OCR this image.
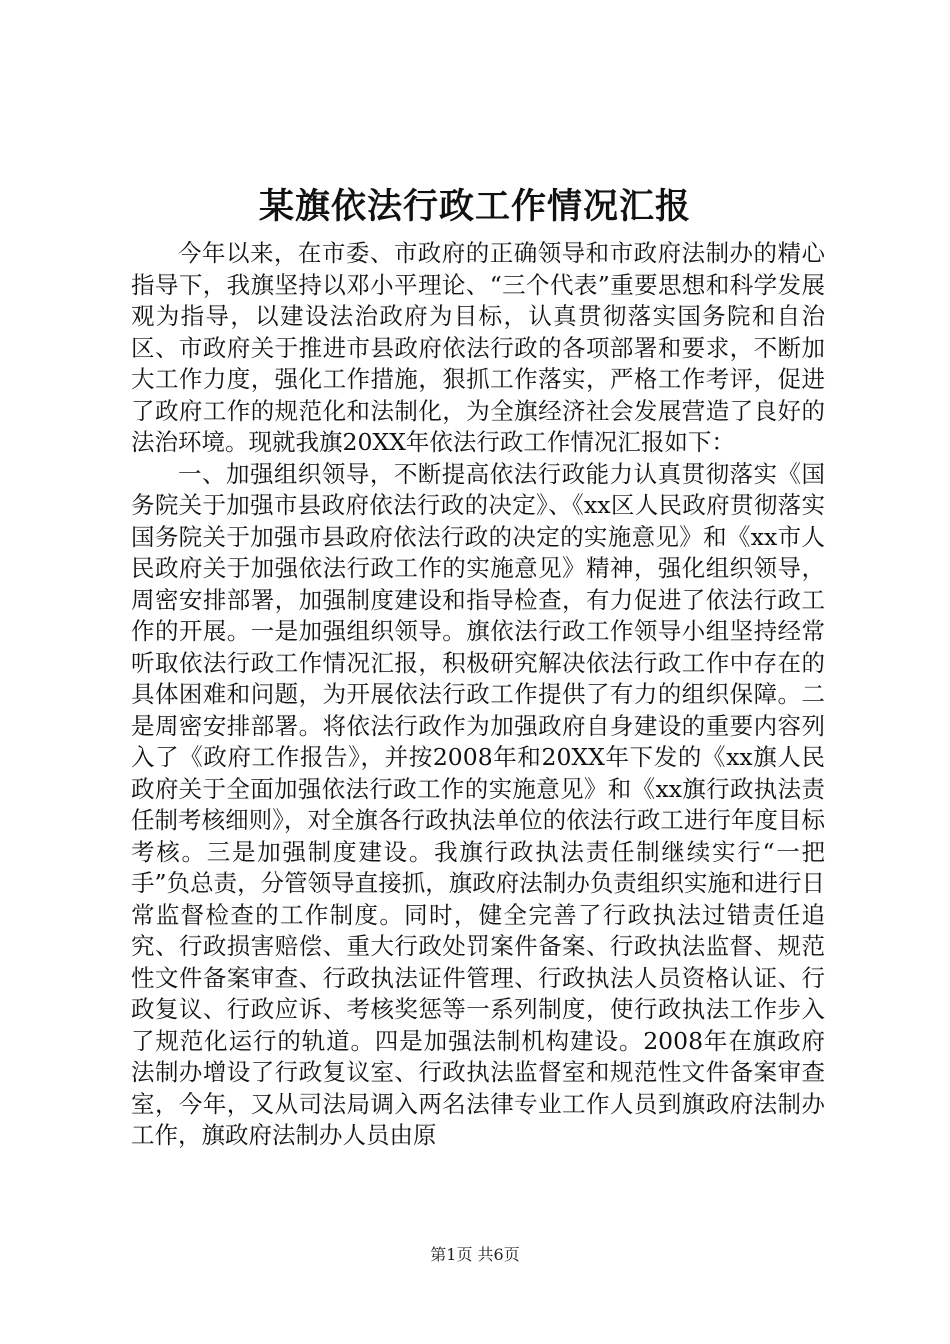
某旗依法行政工作情况汇报

今年以来，在市委、市政府的正确领导和市政府法制办的精心指导下，我旗坚持以邓小平理论、“三个代表”重要思想和科学发展观为指导，以建设法治政府为目标，认真贯彻落实国务院和自治区、市政府关于推进市县政府依法行政的各项部署和要求，不断加大工作力度，强化工作措施，狠抓工作落实，严格工作考评，促进了政府工作的规范化和法制化，为全旗经济社会发展营造了良好的法治环境。现就我旗20XX年依法行政工作情况汇报如下：

一、加强组织领导，不断提高依法行政能力认真贯彻落实《国务院关于加强市县政府依法行政的决定》、《xx区人民政府贯彻落实国务院关于加强市县政府依法行政的决定的实施意见》和《xx市人民政府关于加强依法行政工作的实施意见》精神，强化组织领导，周密安排部署，加强制度建设和指导检查，有力促进了依法行政工作的开展。一是加强组织领导。旗依法行政工作领导小组坚持经常听取依法行政工作情况汇报，积极研究解决依法行政工作中存在的具体困难和问题，为开展依法行政工作提供了有力的组织保障。二是周密安排部署。将依法行政作为加强政府自身建设的重要内容列入了《政府工作报告》，并按2008年和20XX年下发的《xx旗人民政府关于全面加强依法行政工作的实施意见》和《xx旗行政执法责任制考核细则》，对全旗各行政执法单位的依法行政工进行年度目标考核。三是加强制度建设。我旗行政执法责任制继续实行“一把手”负总责，分管领导直接抓，旗政府法制办负责组织实施和进行日常监督检查的工作制度。同时，健全完善了行政执法过错责任追究、行政损害赔偿、重大行政处罚案件备案、行政执法监督、规范性文件备案审查、行政执法证件管理、行政执法人员资格认证、行政复议、行政应诉、考核奖惩等一系列制度，使行政执法工作步入了规范化运行的轨道。四是加强法制机构建设。2008年在旗政府法制办增设了行政复议室、行政执法监督室和规范性文件备案审查室，今年，又从司法局调入两名法律专业工作人员到旗政府法制办工作，旗政府法制办人员由原

第1页 共6页
